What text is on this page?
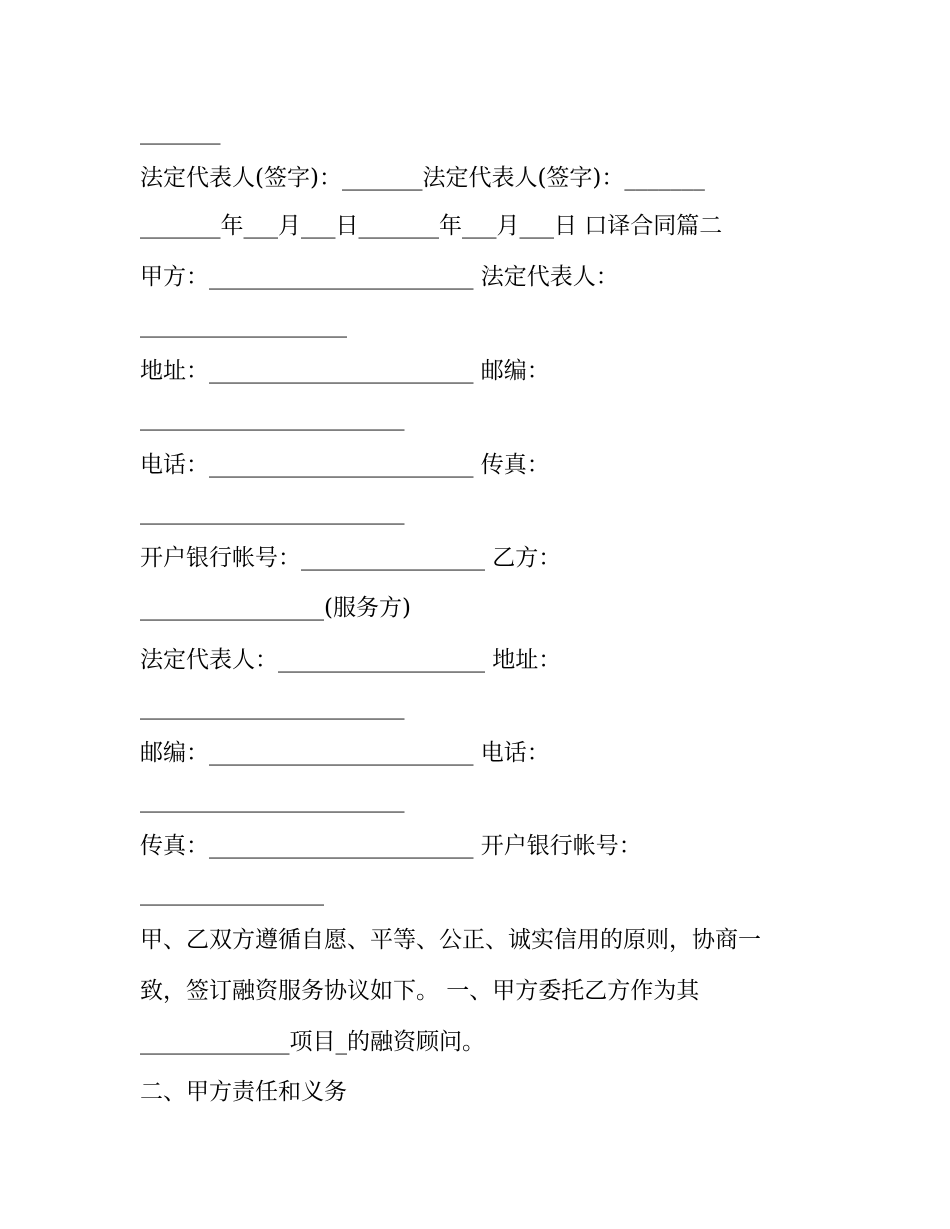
_______

法定代表人(签字)：_______法定代表人(签字)：_______

_______年___月___日_______年___月___日 口译合同篇二

甲方：_______________________ 法定代表人：

__________________

地址：_______________________ 邮编：

_______________________

电话：_______________________ 传真：

_______________________

开户银行帐号：________________ 乙方：

________________(服务方)

法定代表人：__________________ 地址：

_______________________

邮编：_______________________ 电话：

_______________________

传真：_______________________ 开户银行帐号：

________________

甲、乙双方遵循自愿、平等、公正、诚实信用的原则，协商一

致，签订融资服务协议如下。 一、甲方委托乙方作为其

_____________项目_的融资顾问。

二、甲方责任和义务
